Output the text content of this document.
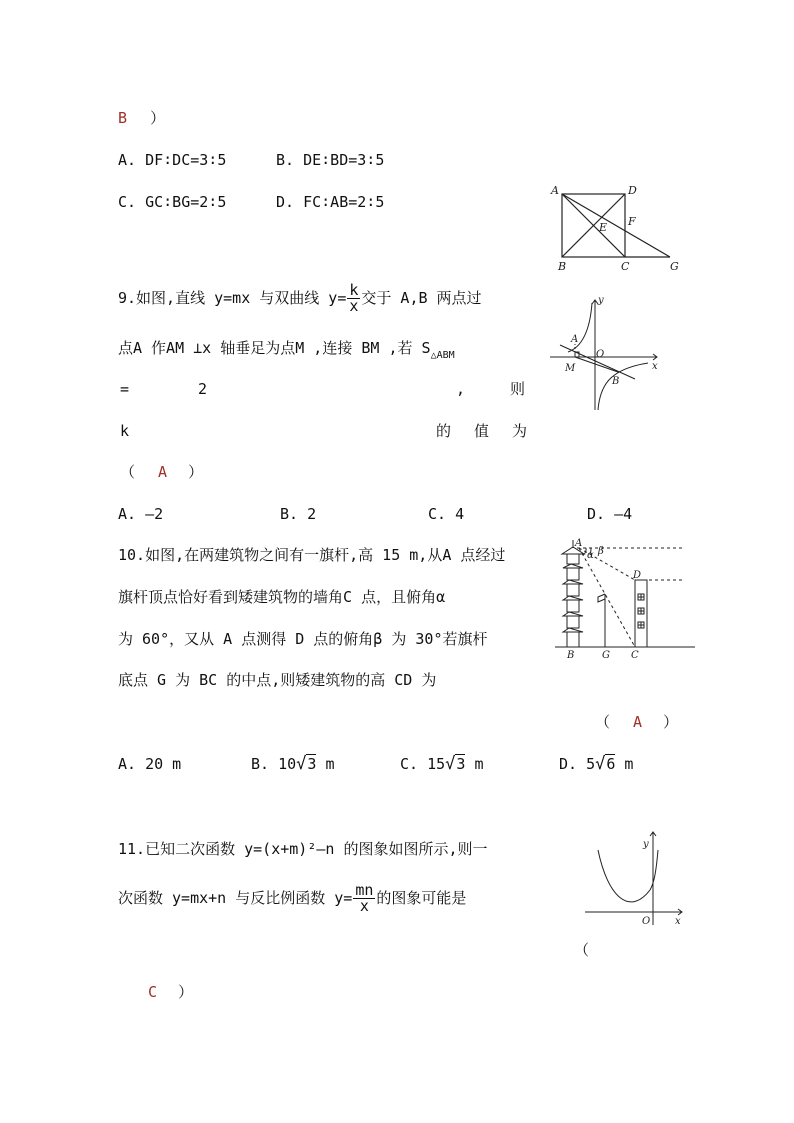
B ）
A. DF∶DC=3∶5	B. DE∶BD=3∶5
C. GC∶BG=2∶5	D. FC∶AB=2∶5
A	D
F
E
B	C	G
9.如图,直线 y=mx 与双曲线 $y= \frac{k}{x}$ 交于 A,B 两点过
点A 作AM ⊥x 轴垂足为点M ,连接 BM ,若 $S_{\triangle ABM}$
=	2	,	则
k	的 值 为
（ A ）
A. —2	B. 2	C. 4	D. —4
y
A
O
M
B
x
10.如图,在两建筑物之间有一旗杆,高 15 m,从A 点经过
旗杆顶点恰好看到矮建筑物的墙角C 点，且俯角α
为 60°，又从 A 点测得 D 点的俯角β 为 30°若旗杆
底点 G 为 BC 的中点,则矮建筑物的高 CD 为
（ A ）
A. 20 m	B. 10√3 m	C. 15√3 m	D. 5√6 m
A
α β
D
B	G C
11.已知二次函数 y=(x+m)²—n 的图象如图所示,则一
次函数 y=mx+n 与反比例函数 $y= \frac{mn}{x}$ 的图象可能是
（
C ）
y
O x
